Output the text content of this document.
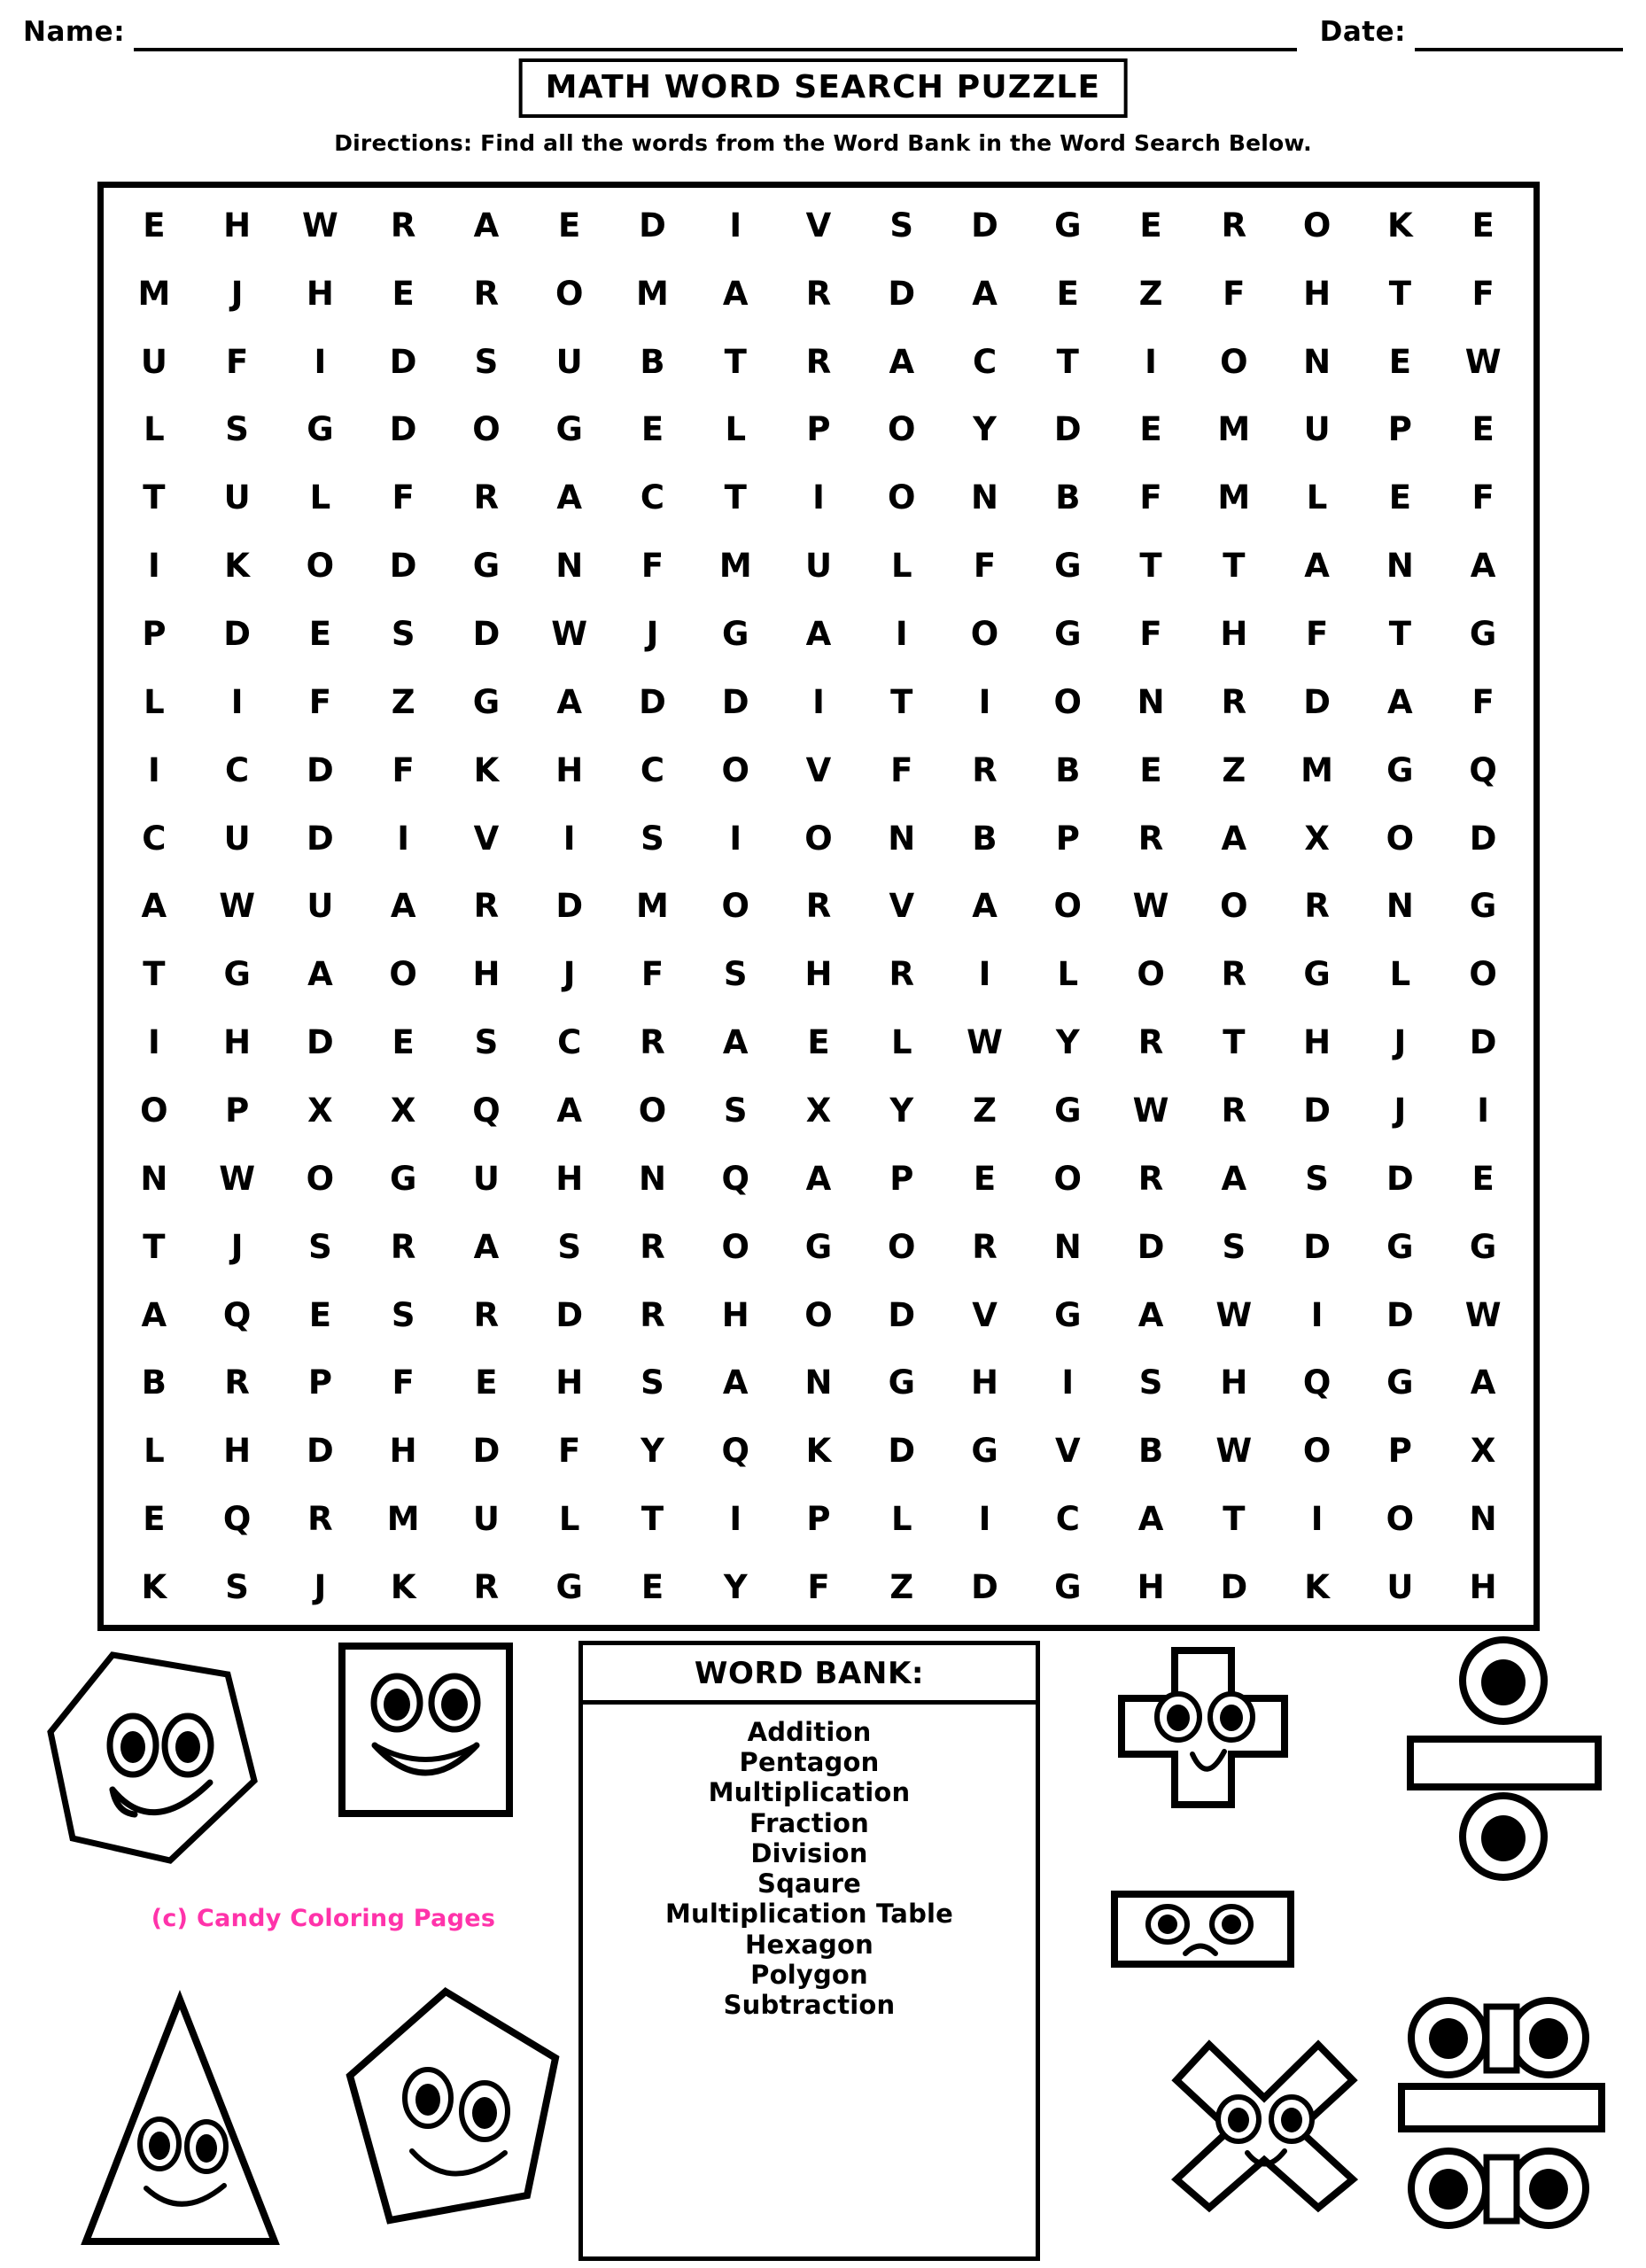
Name:	Date:
MATH WORD SEARCH PUZZLE
Directions: Find all the words from the Word Bank in the Word Search Below.
E H W R A E D I V S D G E R O K E
M J H E R O M A R D A E Z F H T F
U F I D S U B T R A C T I O N E W
L S G D O G E L P O Y D E M U P E
T U L F R A C T I O N B F M L E F
I K O D G N F M U L F G T T A N A
P D E S D W J G A I O G F H F T G
L I F Z G A D D I T I O N R D A F
I C D F K H C O V F R B E Z M G Q
C U D I V I S I O N B P R A X O D
A W U A R D M O R V A O W O R N G
T G A O H J F S H R I L O R G L O
I H D E S C R A E L W Y R T H J D
O P X X Q A O S X Y Z G W R D J I
N W O G U H N Q A P E O R A S D E
T J S R A S R O G O R N D S D G G
A Q E S R D R H O D V G A W I D W
B R P F E H S A N G H I S H Q G A
L H D H D F Y Q K D G V B W O P X
E Q R M U L T I P L I C A T I O N
K S J K R G E Y F Z D G H D K U H
WORD BANK:
Addition
Pentagon
Multiplication
Fraction
Division
Sqaure
Multiplication Table
Hexagon
Polygon
Subtraction
(c) Candy Coloring Pages
